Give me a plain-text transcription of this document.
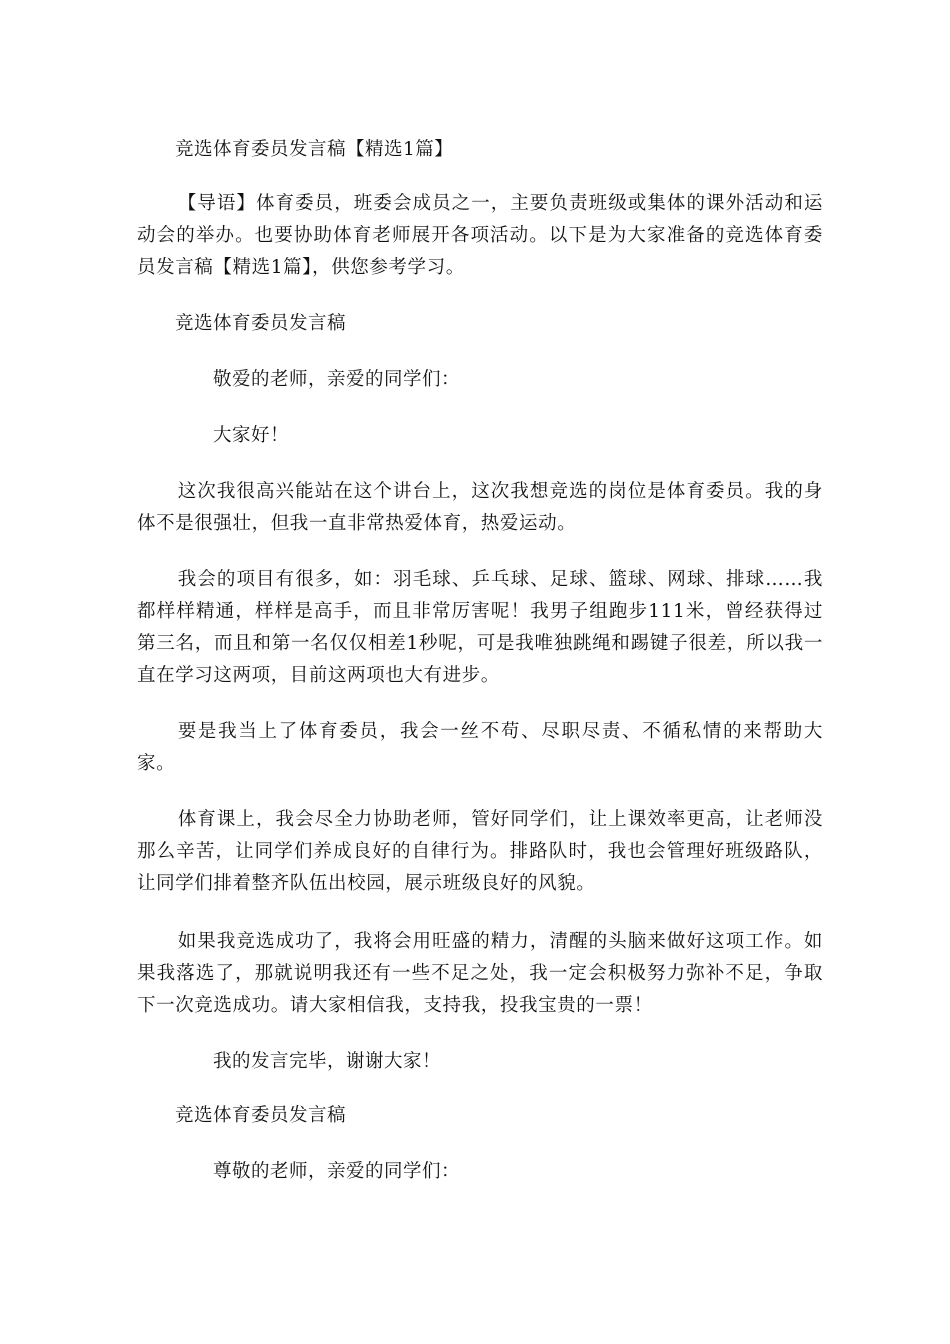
竞选体育委员发言稿【精选1篇】

【导语】体育委员，班委会成员之一，主要负责班级或集体的课外活动和运动会的举办。也要协助体育老师展开各项活动。以下是为大家准备的竞选体育委员发言稿【精选1篇】，供您参考学习。

竞选体育委员发言稿

敬爱的老师，亲爱的同学们：

大家好！

这次我很高兴能站在这个讲台上，这次我想竞选的岗位是体育委员。我的身体不是很强壮，但我一直非常热爱体育，热爱运动。

我会的项目有很多，如：羽毛球、乒乓球、足球、篮球、网球、排球……我都样样精通，样样是高手，而且非常厉害呢！我男子组跑步111米，曾经获得过第三名，而且和第一名仅仅相差1秒呢，可是我唯独跳绳和踢键子很差，所以我一直在学习这两项，目前这两项也大有进步。

要是我当上了体育委员，我会一丝不苟、尽职尽责、不循私情的来帮助大家。

体育课上，我会尽全力协助老师，管好同学们，让上课效率更高，让老师没那么辛苦，让同学们养成良好的自律行为。排路队时，我也会管理好班级路队，让同学们排着整齐队伍出校园，展示班级良好的风貌。

如果我竞选成功了，我将会用旺盛的精力，清醒的头脑来做好这项工作。如果我落选了，那就说明我还有一些不足之处，我一定会积极努力弥补不足，争取下一次竞选成功。请大家相信我，支持我，投我宝贵的一票！

我的发言完毕，谢谢大家！

竞选体育委员发言稿

尊敬的老师，亲爱的同学们：
